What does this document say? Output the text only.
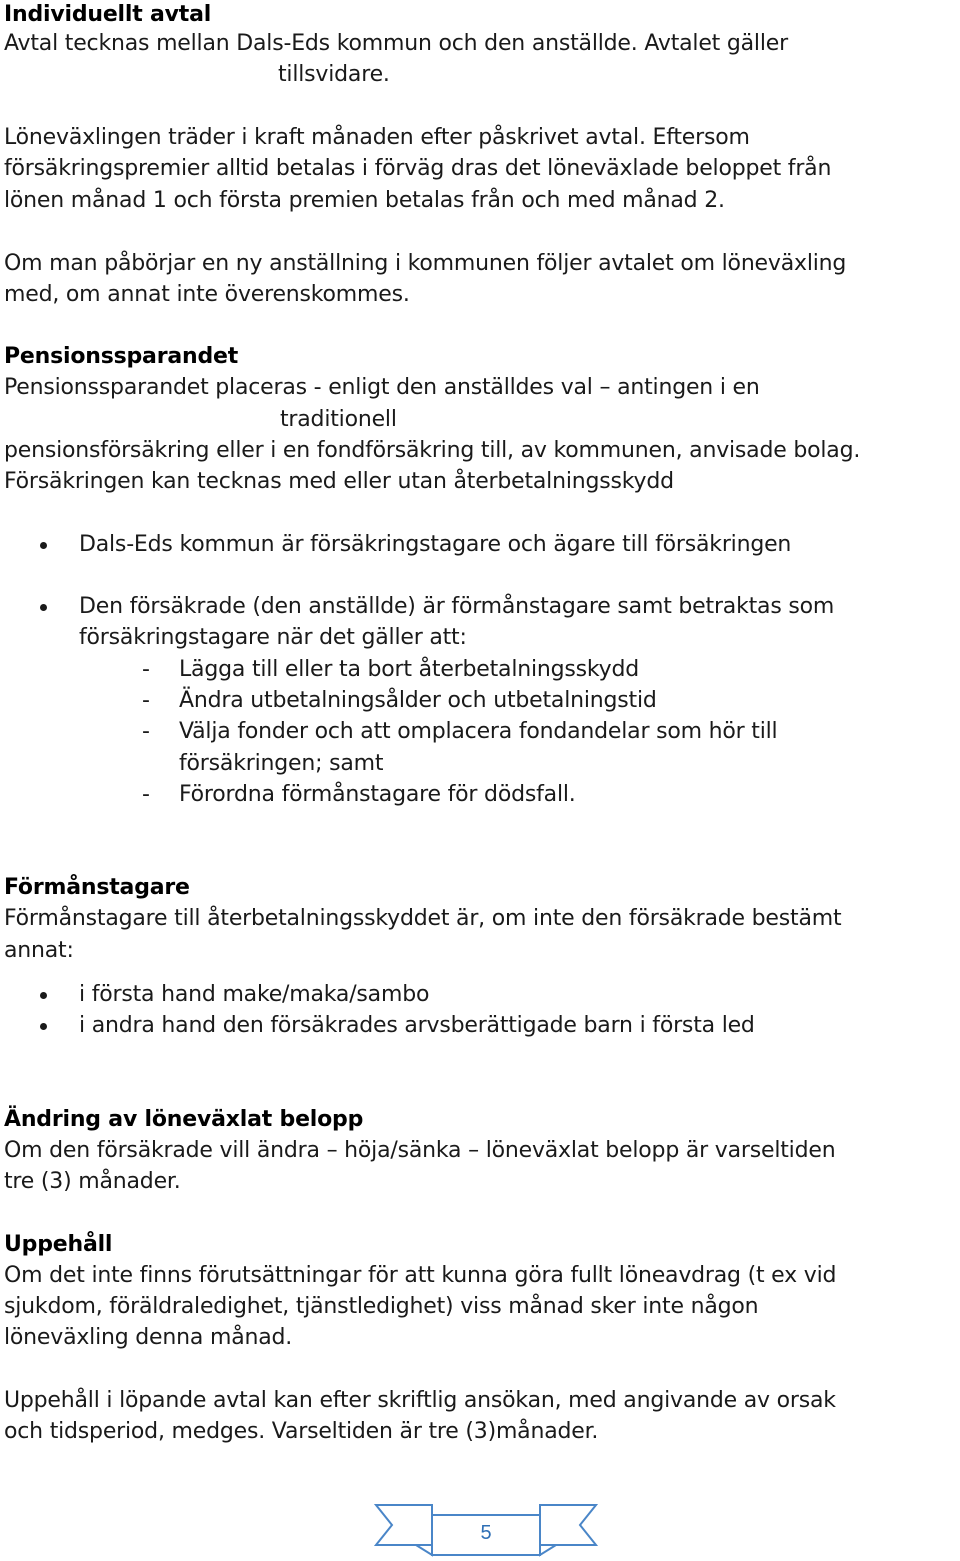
Individuellt avtal
Avtal tecknas mellan Dals-Eds kommun och den anställde. Avtalet gäller
tillsvidare.
Löneväxlingen träder i kraft månaden efter påskrivet avtal. Eftersom
försäkringspremier alltid betalas i förväg dras det löneväxlade beloppet från
lönen månad 1 och första premien betalas från och med månad 2.
Om man påbörjar en ny anställning i kommunen följer avtalet om löneväxling
med, om annat inte överenskommes.
Pensionssparandet
Pensionssparandet placeras - enligt den anställdes val – antingen i en
traditionell
pensionsförsäkring eller i en fondförsäkring till, av kommunen, anvisade bolag.
Försäkringen kan tecknas med eller utan återbetalningsskydd
Dals-Eds kommun är försäkringstagare och ägare till försäkringen
Den försäkrade (den anställde) är förmånstagare samt betraktas som
försäkringstagare när det gäller att:
- Lägga till eller ta bort återbetalningsskydd
- Ändra utbetalningsålder och utbetalningstid
- Välja fonder och att omplacera fondandelar som hör till
försäkringen; samt
- Förordna förmånstagare för dödsfall.
Förmånstagare
Förmånstagare till återbetalningsskyddet är, om inte den försäkrade bestämt
annat:
i första hand make/maka/sambo
i andra hand den försäkrades arvsberättigade barn i första led
Ändring av löneväxlat belopp
Om den försäkrade vill ändra – höja/sänka – löneväxlat belopp är varseltiden
tre (3) månader.
Uppehåll
Om det inte finns förutsättningar för att kunna göra fullt löneavdrag (t ex vid
sjukdom, föräldraledighet, tjänstledighet) viss månad sker inte någon
löneväxling denna månad.
Uppehåll i löpande avtal kan efter skriftlig ansökan, med angivande av orsak
och tidsperiod, medges. Varseltiden är tre (3)månader.
5
